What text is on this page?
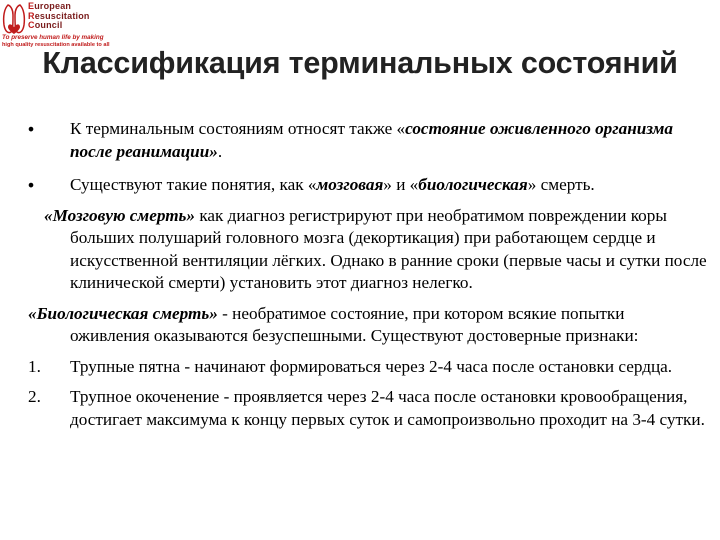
European
Resuscitation
Council
To preserve human life by making
high quality resuscitation available to all
Классификация терминальных состояний

• К терминальным состояниям относят также «состояние оживленного организма после реанимации».

• Существуют такие понятия, как «мозговая» и «биологическая» смерть.

«Мозговую смерть» как диагноз регистрируют при необратимом повреждении коры больших полушарий головного мозга (декортикация) при работающем сердце и искусственной вентиляции лёгких. Однако в ранние сроки (первые часы и сутки после клинической смерти) установить этот диагноз нелегко.

«Биологическая смерть» - необратимое состояние, при котором всякие попытки оживления оказываются безуспешными. Существуют достоверные признаки:

1. Трупные пятна - начинают формироваться через 2-4 часа после остановки сердца.

2. Трупное окоченение - проявляется через 2-4 часа после остановки кровообращения, достигает максимума к концу первых суток и самопроизвольно проходит на 3-4 сутки.
